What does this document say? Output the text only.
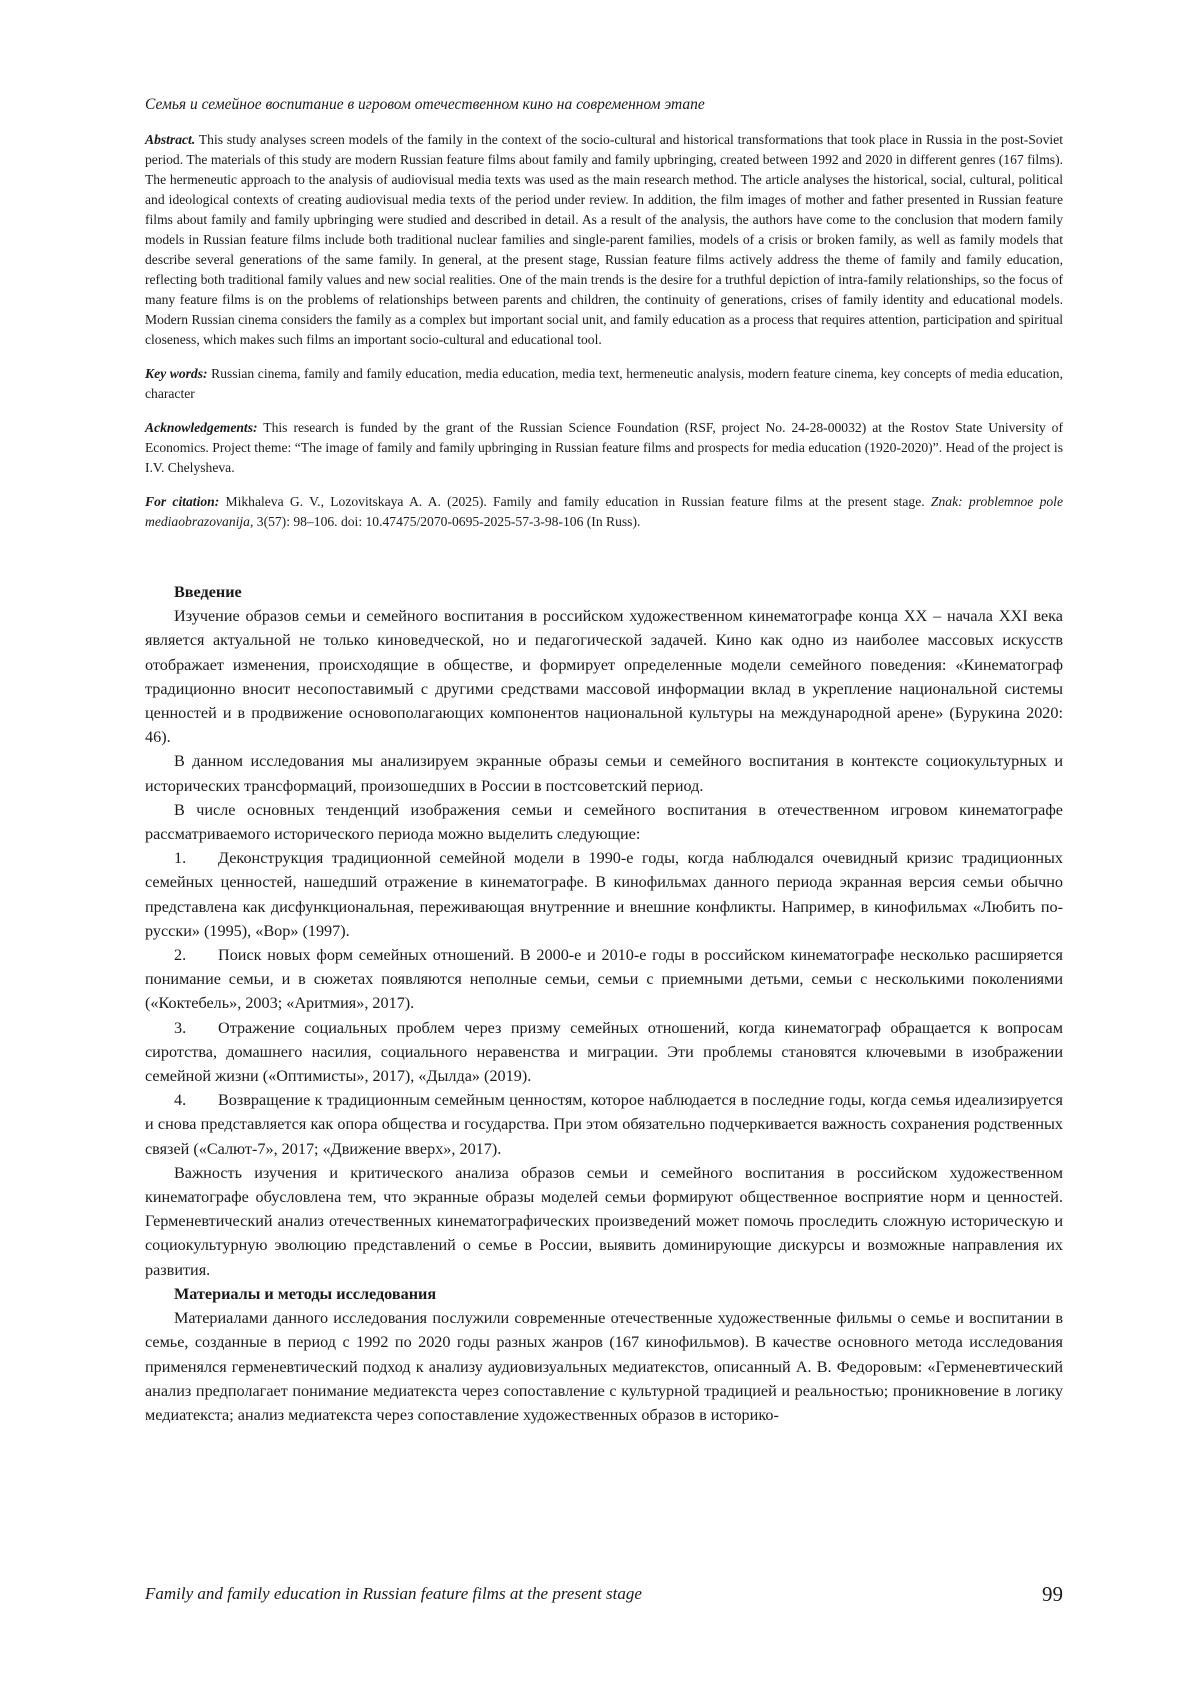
Семья и семейное воспитание в игровом отечественном кино на современном этапе

Abstract. This study analyses screen models of the family in the context of the socio-cultural and historical transformations that took place in Russia in the post-Soviet period. The materials of this study are modern Russian feature films about family and family upbringing, created between 1992 and 2020 in different genres (167 films). The hermeneutic approach to the analysis of audiovisual media texts was used as the main research method. The article analyses the historical, social, cultural, political and ideological contexts of creating audiovisual media texts of the period under review. In addition, the film images of mother and father presented in Russian feature films about family and family upbringing were studied and described in detail. As a result of the analysis, the authors have come to the conclusion that modern family models in Russian feature films include both traditional nuclear families and single-parent families, models of a crisis or broken family, as well as family models that describe several generations of the same family. In general, at the present stage, Russian feature films actively address the theme of family and family education, reflecting both traditional family values and new social realities. One of the main trends is the desire for a truthful depiction of intra-family relationships, so the focus of many feature films is on the problems of relationships between parents and children, the continuity of generations, crises of family identity and educational models. Modern Russian cinema considers the family as a complex but important social unit, and family education as a process that requires attention, participation and spiritual closeness, which makes such films an important socio-cultural and educational tool.

Key words: Russian cinema, family and family education, media education, media text, hermeneutic analysis, modern feature cinema, key concepts of media education, character

Acknowledgements: This research is funded by the grant of the Russian Science Foundation (RSF, project No. 24-28-00032) at the Rostov State University of Economics. Project theme: “The image of family and family upbringing in Russian feature films and prospects for media education (1920-2020)”. Head of the project is I.V. Chelysheva.

For citation: Mikhaleva G. V., Lozovitskaya A. A. (2025). Family and family education in Russian feature films at the present stage. Znak: problemnoe pole mediaobrazovanija, 3(57): 98–106. doi: 10.47475/2070-0695-2025-57-3-98-106 (In Russ).

Введение

Изучение образов семьи и семейного воспитания в российском художественном кинематографе конца XX – начала XXI века является актуальной не только киноведческой, но и педагогической задачей. Кино как одно из наиболее массовых искусств отображает изменения, происходящие в обществе, и формирует определенные модели семейного поведения: «Кинематограф традиционно вносит несопоставимый с другими средствами массовой информации вклад в укрепление национальной системы ценностей и в продвижение основополагающих компонентов национальной культуры на международной арене» (Бурукина 2020: 46).

В данном исследования мы анализируем экранные образы семьи и семейного воспитания в контексте социокультурных и исторических трансформаций, произошедших в России в постсоветский период.

В числе основных тенденций изображения семьи и семейного воспитания в отечественном игровом кинематографе рассматриваемого исторического периода можно выделить следующие:

1. Деконструкция традиционной семейной модели в 1990-е годы, когда наблюдался очевидный кризис традиционных семейных ценностей, нашедший отражение в кинематографе. В кинофильмах данного периода экранная версия семьи обычно представлена как дисфункциональная, переживающая внутренние и внешние конфликты. Например, в кинофильмах «Любить по-русски» (1995), «Вор» (1997).

2. Поиск новых форм семейных отношений. В 2000-е и 2010-е годы в российском кинематографе несколько расширяется понимание семьи, и в сюжетах появляются неполные семьи, семьи с приемными детьми, семьи с несколькими поколениями («Коктебель», 2003; «Аритмия», 2017).

3. Отражение социальных проблем через призму семейных отношений, когда кинематограф обращается к вопросам сиротства, домашнего насилия, социального неравенства и миграции. Эти проблемы становятся ключевыми в изображении семейной жизни («Оптимисты», 2017), «Дылда» (2019).

4. Возвращение к традиционным семейным ценностям, которое наблюдается в последние годы, когда семья идеализируется и снова представляется как опора общества и государства. При этом обязательно подчеркивается важность сохранения родственных связей («Салют-7», 2017; «Движение вверх», 2017).

Важность изучения и критического анализа образов семьи и семейного воспитания в российском художественном кинематографе обусловлена тем, что экранные образы моделей семьи формируют общественное восприятие норм и ценностей. Герменевтический анализ отечественных кинематографических произведений может помочь проследить сложную историческую и социокультурную эволюцию представлений о семье в России, выявить доминирующие дискурсы и возможные направления их развития.

Материалы и методы исследования

Материалами данного исследования послужили современные отечественные художественные фильмы о семье и воспитании в семье, созданные в период с 1992 по 2020 годы разных жанров (167 кинофильмов). В качестве основного метода исследования применялся герменевтический подход к анализу аудиовизуальных медиатекстов, описанный А. В. Федоровым: «Герменевтический анализ предполагает понимание медиатекста через сопоставление с культурной традицией и реальностью; проникновение в логику медиатекста; анализ медиатекста через сопоставление художественных образов в историко-

Family and family education in Russian feature films at the present stage	99
